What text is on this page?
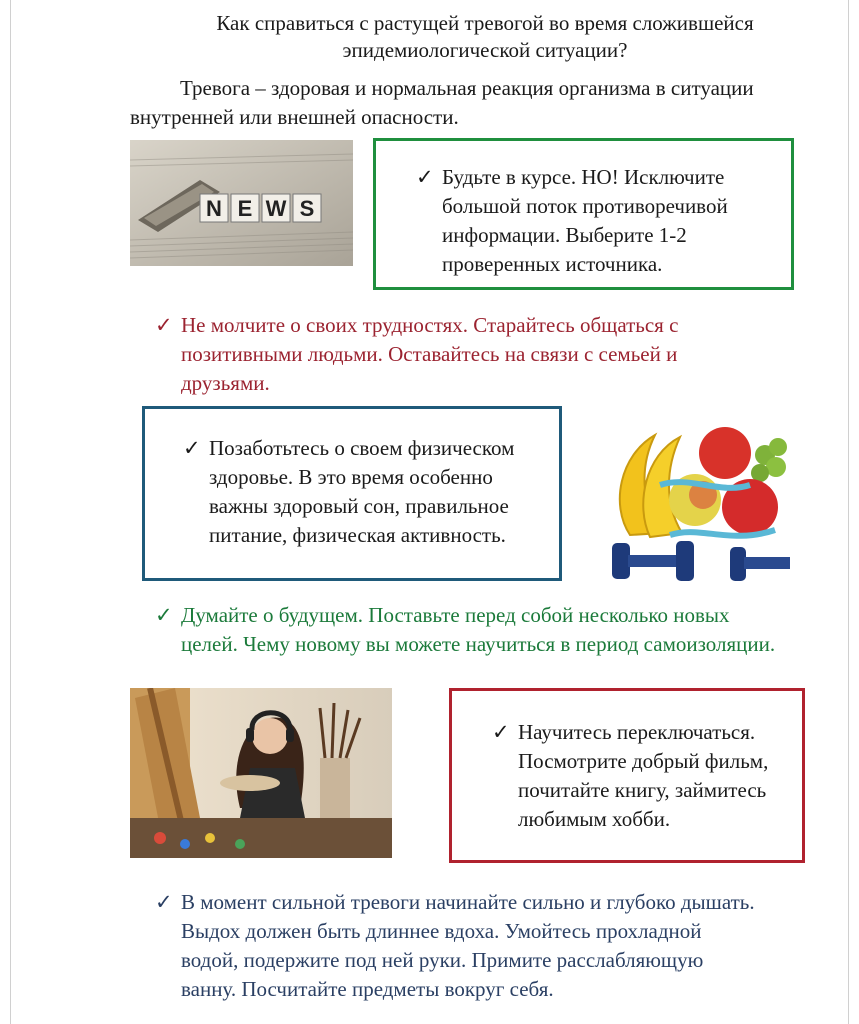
Как справиться с растущей тревогой во время сложившейся эпидемиологической ситуации?
Тревога – здоровая и нормальная реакция организма в ситуации внутренней или внешней опасности.
N E W S
✓ Будьте в курсе. НО! Исключите большой поток противоречивой информации. Выберите 1-2 проверенных источника.
✓ Не молчите о своих трудностях. Старайтесь общаться с позитивными людьми. Оставайтесь на связи с семьей и друзьями.
✓ Позаботьтесь о своем физическом здоровье. В это время особенно важны здоровый сон, правильное питание, физическая активность.
✓ Думайте о будущем. Поставьте перед собой несколько новых целей. Чему новому вы можете научиться в период самоизоляции.
✓ Научитесь переключаться. Посмотрите добрый фильм, почитайте книгу, займитесь любимым хобби.
✓ В момент сильной тревоги начинайте сильно и глубоко дышать. Выдох должен быть длиннее вдоха. Умойтесь прохладной водой, подержите под ней руки. Примите расслабляющую ванну. Посчитайте предметы вокруг себя.
